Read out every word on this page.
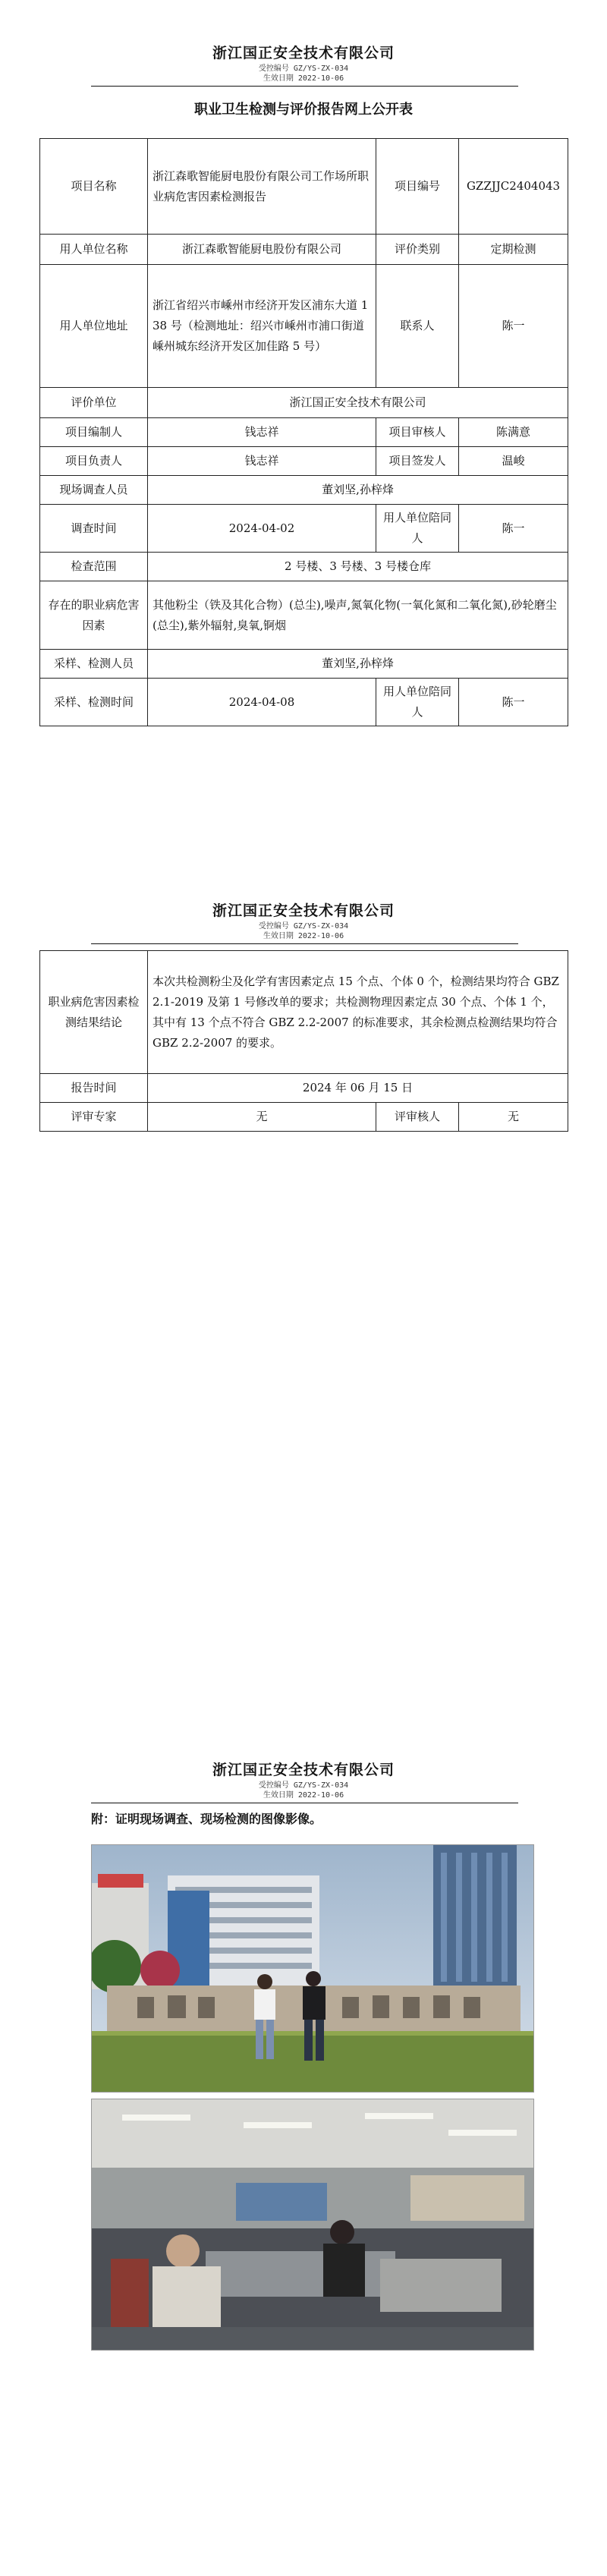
浙江国正安全技术有限公司
受控编号 GZ/YS-ZX-034
生效日期 2022-10-06
职业卫生检测与评价报告网上公开表
项目名称	浙江森歌智能厨电股份有限公司工作场所职业病危害因素检测报告	项目编号	GZZJJC2404043
用人单位名称	浙江森歌智能厨电股份有限公司	评价类别	定期检测
用人单位地址	浙江省绍兴市嵊州市经济开发区浦东大道 138 号（检测地址：绍兴市嵊州市浦口街道嵊州城东经济开发区加佳路 5 号）	联系人	陈一
评价单位	浙江国正安全技术有限公司		
项目编制人	钱志祥	项目审核人	陈满意
项目负责人	钱志祥	项目签发人	温峻
现场调查人员	董刘坚,孙梓烽		
调查时间	2024-04-02	用人单位陪同人	陈一
检查范围	2 号楼、3 号楼、3 号楼仓库		
存在的职业病危害因素	其他粉尘（铁及其化合物）(总尘),噪声,氮氧化物(一氧化氮和二氧化氮),砂轮磨尘(总尘),紫外辐射,臭氧,锕烟		
采样、检测人员	董刘坚,孙梓烽		
采样、检测时间	2024-04-08	用人单位陪同人	陈一
浙江国正安全技术有限公司
受控编号 GZ/YS-ZX-034
生效日期 2022-10-06
职业病危害因素检测结果结论	本次共检测粉尘及化学有害因素定点 15 个点、个体 0 个，检测结果均符合 GBZ 2.1-2019 及第 1 号修改单的要求；共检测物理因素定点 30 个点、个体 1 个，其中有 13 个点不符合 GBZ 2.2-2007 的标准要求，其余检测点检测结果均符合 GBZ 2.2-2007 的要求。		
报告时间	2024 年 06 月 15 日		
评审专家	无	评审核人	无
浙江国正安全技术有限公司
受控编号 GZ/YS-ZX-034
生效日期 2022-10-06
附：证明现场调查、现场检测的图像影像。
